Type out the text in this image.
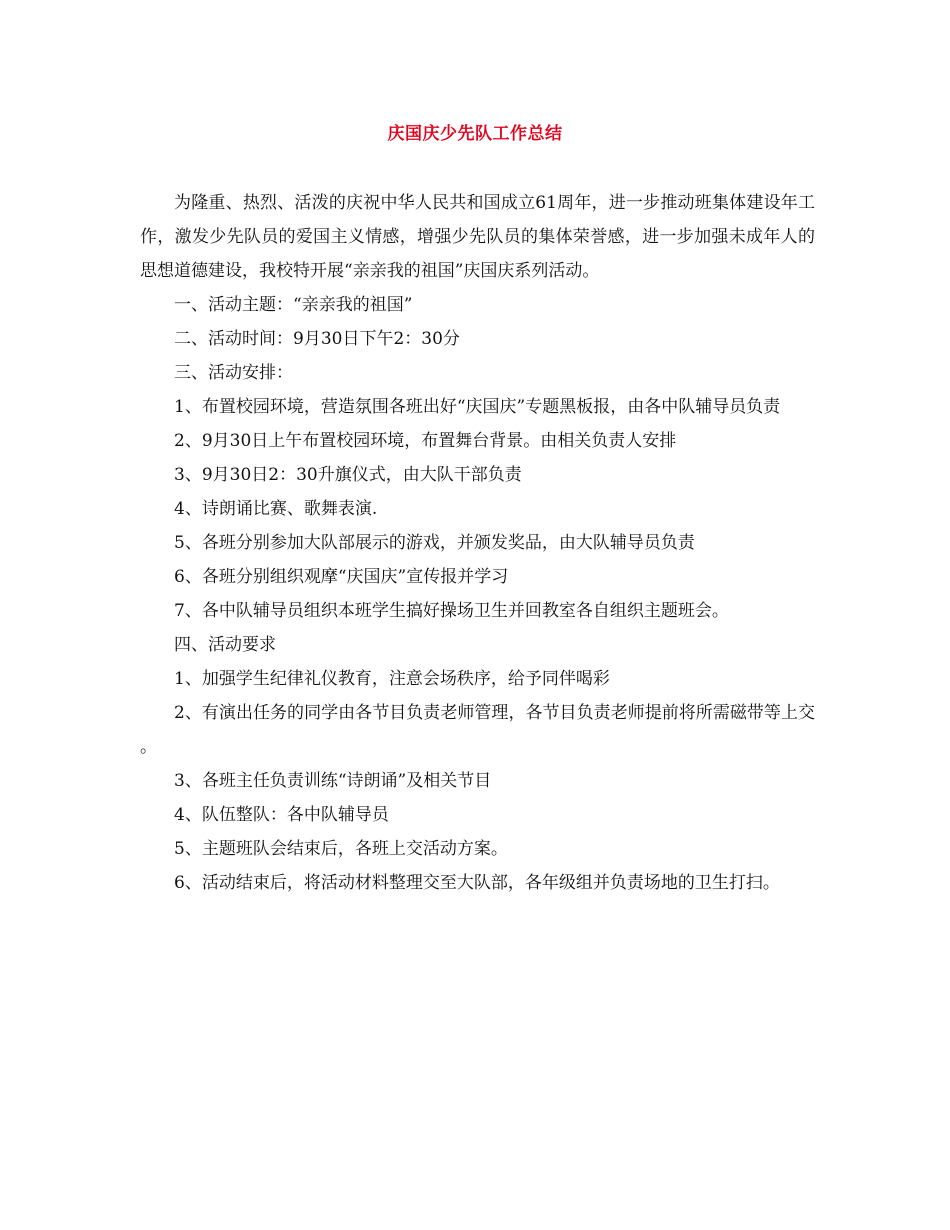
庆国庆少先队工作总结

为隆重、热烈、活泼的庆祝中华人民共和国成立61周年，进一步推动班集体建设年工作，激发少先队员的爱国主义情感，增强少先队员的集体荣誉感，进一步加强未成年人的思想道德建设，我校特开展“亲亲我的祖国”庆国庆系列活动。

一、活动主题：“亲亲我的祖国”

二、活动时间：9月30日下午2：30分

三、活动安排：

1、布置校园环境，营造氛围各班出好“庆国庆”专题黑板报，由各中队辅导员负责

2、9月30日上午布置校园环境，布置舞台背景。由相关负责人安排

3、9月30日2：30升旗仪式，由大队干部负责

4、诗朗诵比赛、歌舞表演.

5、各班分别参加大队部展示的游戏，并颁发奖品，由大队辅导员负责

6、各班分别组织观摩“庆国庆”宣传报并学习

7、各中队辅导员组织本班学生搞好操场卫生并回教室各自组织主题班会。

四、活动要求

1、加强学生纪律礼仪教育，注意会场秩序，给予同伴喝彩

2、有演出任务的同学由各节目负责老师管理，各节目负责老师提前将所需磁带等上交 。

3、各班主任负责训练“诗朗诵”及相关节目

4、队伍整队：各中队辅导员

5、主题班队会结束后，各班上交活动方案。

6、活动结束后，将活动材料整理交至大队部，各年级组并负责场地的卫生打扫。
